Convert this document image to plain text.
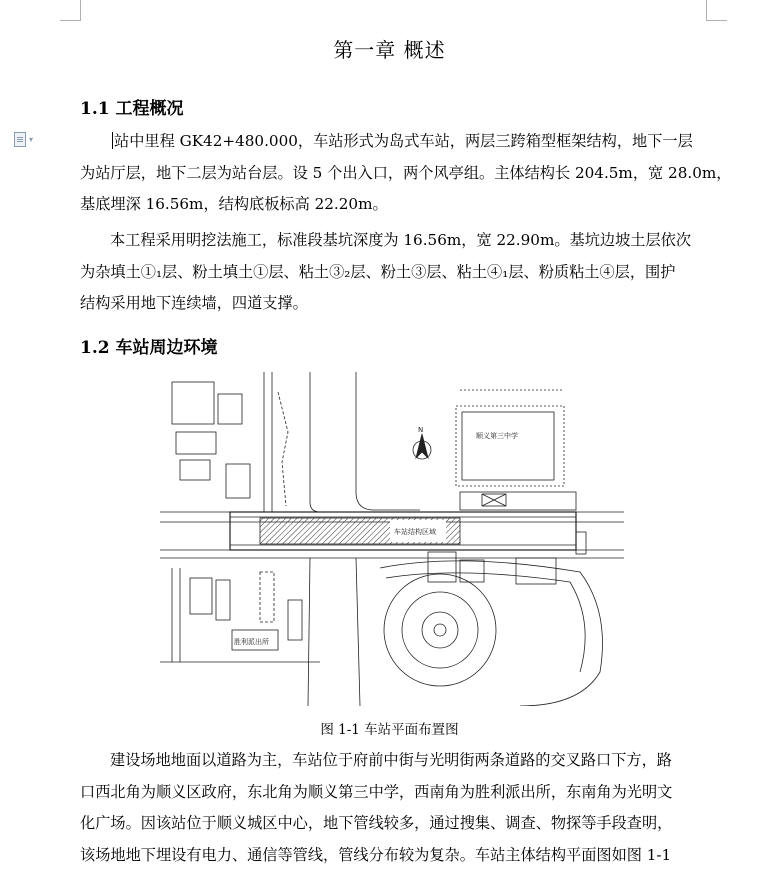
▾
第一章 概述
1.1 工程概况
站中里程 GK42+480.000，车站形式为岛式车站，两层三跨箱型框架结构，地下一层
为站厅层，地下二层为站台层。设 5 个出入口，两个风亭组。主体结构长 204.5m，宽 28.0m，
基底埋深 16.56m，结构底板标高 22.20m。
本工程采用明挖法施工，标准段基坑深度为 16.56m，宽 22.90m。基坑边坡土层依次
为杂填土①₁层、粉土填土①层、粘土③₂层、粉土③层、粘土④₁层、粉质粘土④层，围护
结构采用地下连续墙，四道支撑。
1.2 车站周边环境
顺义第三中学
车站结构区域
胜利派出所
N
图 1-1 车站平面布置图
建设场地地面以道路为主，车站位于府前中街与光明街两条道路的交叉路口下方，路
口西北角为顺义区政府，东北角为顺义第三中学，西南角为胜利派出所，东南角为光明文
化广场。因该站位于顺义城区中心，地下管线较多，通过搜集、调查、物探等手段查明，
该场地地下埋设有电力、通信等管线，管线分布较为复杂。车站主体结构平面图如图 1-1
